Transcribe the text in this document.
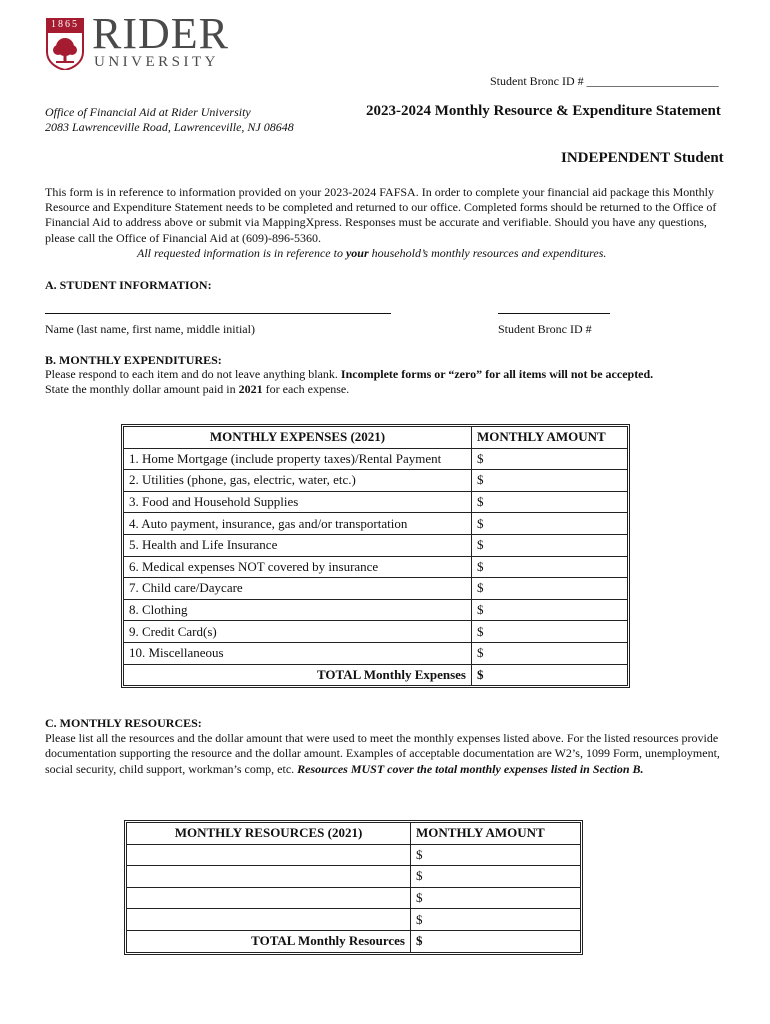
1865 RIDER
UNIVERSITY
Student Bronc ID # ______________________
Office of Financial Aid at Rider University
2083 Lawrenceville Road, Lawrenceville, NJ 08648
2023-2024 Monthly Resource & Expenditure Statement
INDEPENDENT Student
This form is in reference to information provided on your 2023-2024 FAFSA. In order to complete your financial aid package this Monthly Resource and Expenditure Statement needs to be completed and returned to our office. Completed forms should be returned to the Office of Financial Aid to address above or submit via MappingXpress. Responses must be accurate and verifiable. Should you have any questions, please call the Office of Financial Aid at (609)-896-5360.
All requested information is in reference to your household’s monthly resources and expenditures.
A. STUDENT INFORMATION:
Name (last name, first name, middle initial)	Student Bronc ID #
B. MONTHLY EXPENDITURES:
Please respond to each item and do not leave anything blank. Incomplete forms or “zero” for all items will not be accepted.
State the monthly dollar amount paid in 2021 for each expense.
MONTHLY EXPENSES (2021)	MONTHLY AMOUNT
1. Home Mortgage (include property taxes)/Rental Payment	$
2. Utilities (phone, gas, electric, water, etc.)	$
3. Food and Household Supplies	$
4. Auto payment, insurance, gas and/or transportation	$
5. Health and Life Insurance	$
6. Medical expenses NOT covered by insurance	$
7. Child care/Daycare	$
8. Clothing	$
9. Credit Card(s)	$
10. Miscellaneous	$
TOTAL Monthly Expenses	$
C. MONTHLY RESOURCES:
Please list all the resources and the dollar amount that were used to meet the monthly expenses listed above. For the listed resources provide documentation supporting the resource and the dollar amount. Examples of acceptable documentation are W2’s, 1099 Form, unemployment, social security, child support, workman’s comp, etc. Resources MUST cover the total monthly expenses listed in Section B.
MONTHLY RESOURCES (2021)	MONTHLY AMOUNT
	$
	$
	$
	$
TOTAL Monthly Resources	$
